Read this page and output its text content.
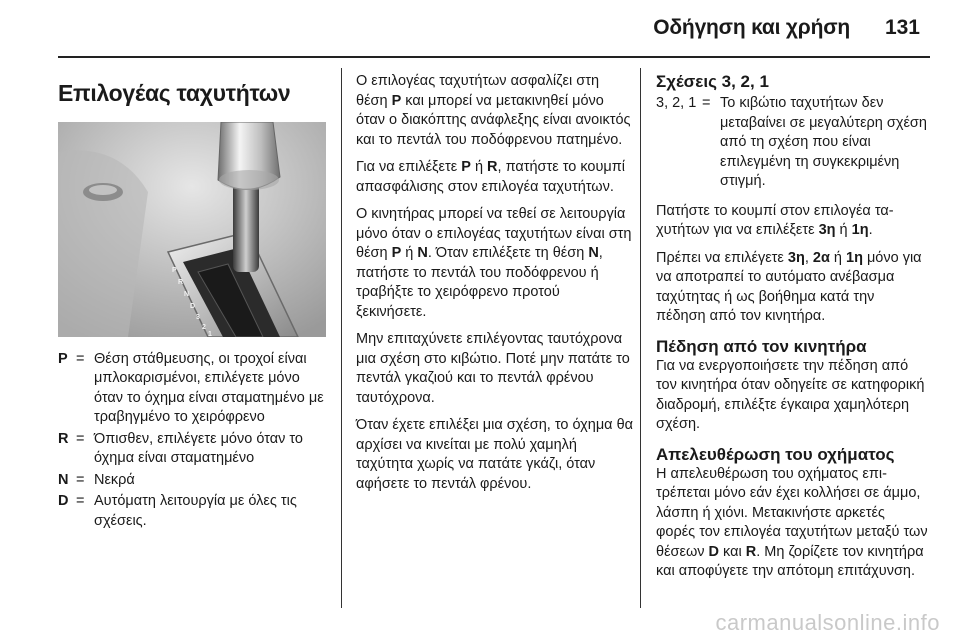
Οδήγηση και χρήση 131
Επιλογέας ταχυτήτων
P
R
N
D
3
2
1
P = Θέση στάθμευσης, οι τροχοί είναι μπλοκαρισμένοι, επιλέγετε μόνο όταν το όχημα είναι σταματημένο με τραβηγμένο το χειρόφρενο
R = Όπισθεν, επιλέγετε μόνο όταν το όχημα είναι σταματημένο
N = Νεκρά
D = Αυτόματη λειτουργία με όλες τις σχέσεις.

Ο επιλογέας ταχυτήτων ασφαλίζει στη θέση P και μπορεί να μετακινηθεί μόνο όταν ο διακόπτης ανάφλεξης είναι ανοικτός και το πεντάλ του ποδόφρενου πατημένο.

Για να επιλέξετε P ή R, πατήστε το κουμπί απασφάλισης στον επιλογέα ταχυτήτων.

Ο κινητήρας μπορεί να τεθεί σε λειτουργία μόνο όταν ο επιλογέας ταχυτήτων είναι στη θέση P ή N. Όταν επιλέξετε τη θέση N, πατήστε το πεντάλ του ποδόφρενου ή τραβήξτε το χειρόφρενο προτού ξεκινήσετε.

Μην επιταχύνετε επιλέγοντας ταυτόχρονα μια σχέση στο κιβώτιο. Ποτέ μην πατάτε το πεντάλ γκαζιού και το πεντάλ φρένου ταυτόχρονα.

Όταν έχετε επιλέξει μια σχέση, το όχημα θα αρχίσει να κινείται με πολύ χαμηλή ταχύτητα χωρίς να πατάτε γκάζι, όταν αφήσετε το πεντάλ φρένου.

Σχέσεις 3, 2, 1
3, 2, 1 = Το κιβώτιο ταχυτήτων δεν μεταβαίνει σε μεγαλύτερη σχέση από τη σχέση που είναι επιλεγμένη τη συγκεκριμένη στιγμή.

Πατήστε το κουμπί στον επιλογέα ταχυτήτων για να επιλέξετε 3η ή 1η.

Πρέπει να επιλέγετε 3η, 2α ή 1η μόνο για να αποτραπεί το αυτόματο ανέβασμα ταχύτητας ή ως βοήθημα κατά την πέδηση από τον κινητήρα.

Πέδηση από τον κινητήρα

Για να ενεργοποιήσετε την πέδηση από τον κινητήρα όταν οδηγείτε σε κατηφορική διαδρομή, επιλέξτε έγκαιρα χαμηλότερη σχέση.

Απελευθέρωση του οχήματος

Η απελευθέρωση του οχήματος επιτρέπεται μόνο εάν έχει κολλήσει σε άμμο, λάσπη ή χιόνι. Μετακινήστε αρκετές φορές τον επιλογέα ταχυτήτων μεταξύ των θέσεων D και R. Μη ζορίζετε τον κινητήρα και αποφύγετε την απότομη επιτάχυνση.

carmanualsonline.info
